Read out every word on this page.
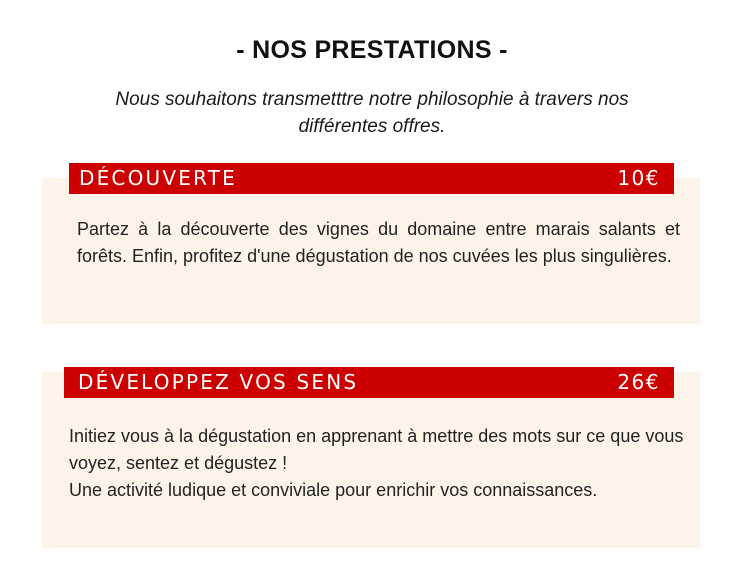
- NOS PRESTATIONS -
Nous souhaitons transmetttre notre philosophie à travers nos différentes offres.
DÉCOUVERTE	10€

Partez à la découverte des vignes du domaine entre marais salants et forêts. Enfin, profitez d'une dégustation de nos cuvées les plus singulières.

DÉVELOPPEZ VOS SENS	26€
Initiez vous à la dégustation en apprenant à mettre des mots sur ce que vous voyez, sentez et dégustez !
Une activité ludique et conviviale pour enrichir vos connaissances.
